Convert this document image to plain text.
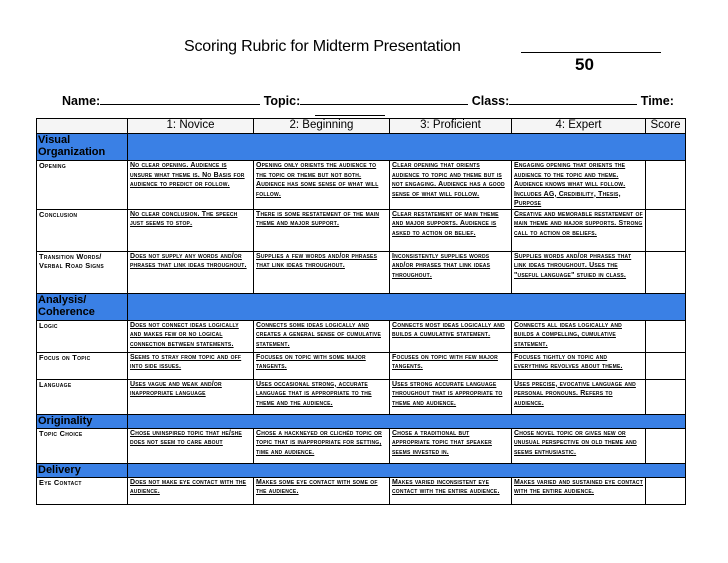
Scoring Rubric for Midterm Presentation
50
Name:	Topic:	Class:	Time:
	1: Novice	2: Beginning	3: Proficient	4: Expert	Score
Visual Organization					
Opening	No clear opening. Audience is unsure what theme is. No Basis for audience to predict or follow.	Opening only orients the audience to the topic or theme but not both. Audience has some sense of what will follow.	Clear opening that orients audience to topic and theme but is not engaging. Audience has a good sense of what will follow.	Engaging opening that orients the audience to the topic and theme. Audience knows what will follow. Includes AG, Credibility, Thesis, Purpose	
Conclusion	No clear conclusion. The speech just seems to stop.	There is some restatement of the main theme and major support.	Clear restatement of main theme and major supports. Audience is asked to action or belief.	Creative and memorable restatement of main theme and major supports. Strong call to action or beliefs.	
Transition Words/ Verbal Road Signs	Does not supply any words and/or phrases that link ideas throughout.	Supplies a few words and/or phrases that link ideas throughout.	Inconsistently supplies words and/or phrases that link ideas throughout.	Supplies words and/or phrases that link ideas throughout. Uses the "useful language" stuied in class.	
Analysis/ Coherence					
Logic	Does not connect ideas logically and makes few or no logical connection between statements.	Connects some ideas logically and creates a general sense of cumulative statement.	Connects most ideas logically and builds a cumulative statement.	Connects all ideas logically and builds a compelling, cumulative statement.	
Focus on Topic	Seems to stray from topic and off into side issues.	Focuses on topic with some major tangents.	Focuses on topic with few major tangents.	Focuses tightly on topic and everything revolves about theme.	
Language	Uses vague and weak and/or inappropriate language	Uses occasional strong, accurate language that is appropriate to the theme and the audience.	Uses strong accurate language throughout that is appropriate to theme and audience.	Uses precise, evocative language and personal pronouns. Refers to audience.	
Originality					
Topic Choice	Chose uninspired topic that he/she does not seem to care about	Chose a hackneyed or clichéd topic or topic that is inappropriate for setting, time and audience.	Chose a traditional but appropriate topic that speaker seems invested in.	Chose novel topic or gives new or unusual perspective on old theme and seems enthusiastic.	
Delivery					
Eye Contact	Does not make eye contact with the audience.	Makes some eye contact with some of the audience.	Makes varied inconsistent eye contact with the entire audience.	Makes varied and sustained eye contact with the entire audience.	
